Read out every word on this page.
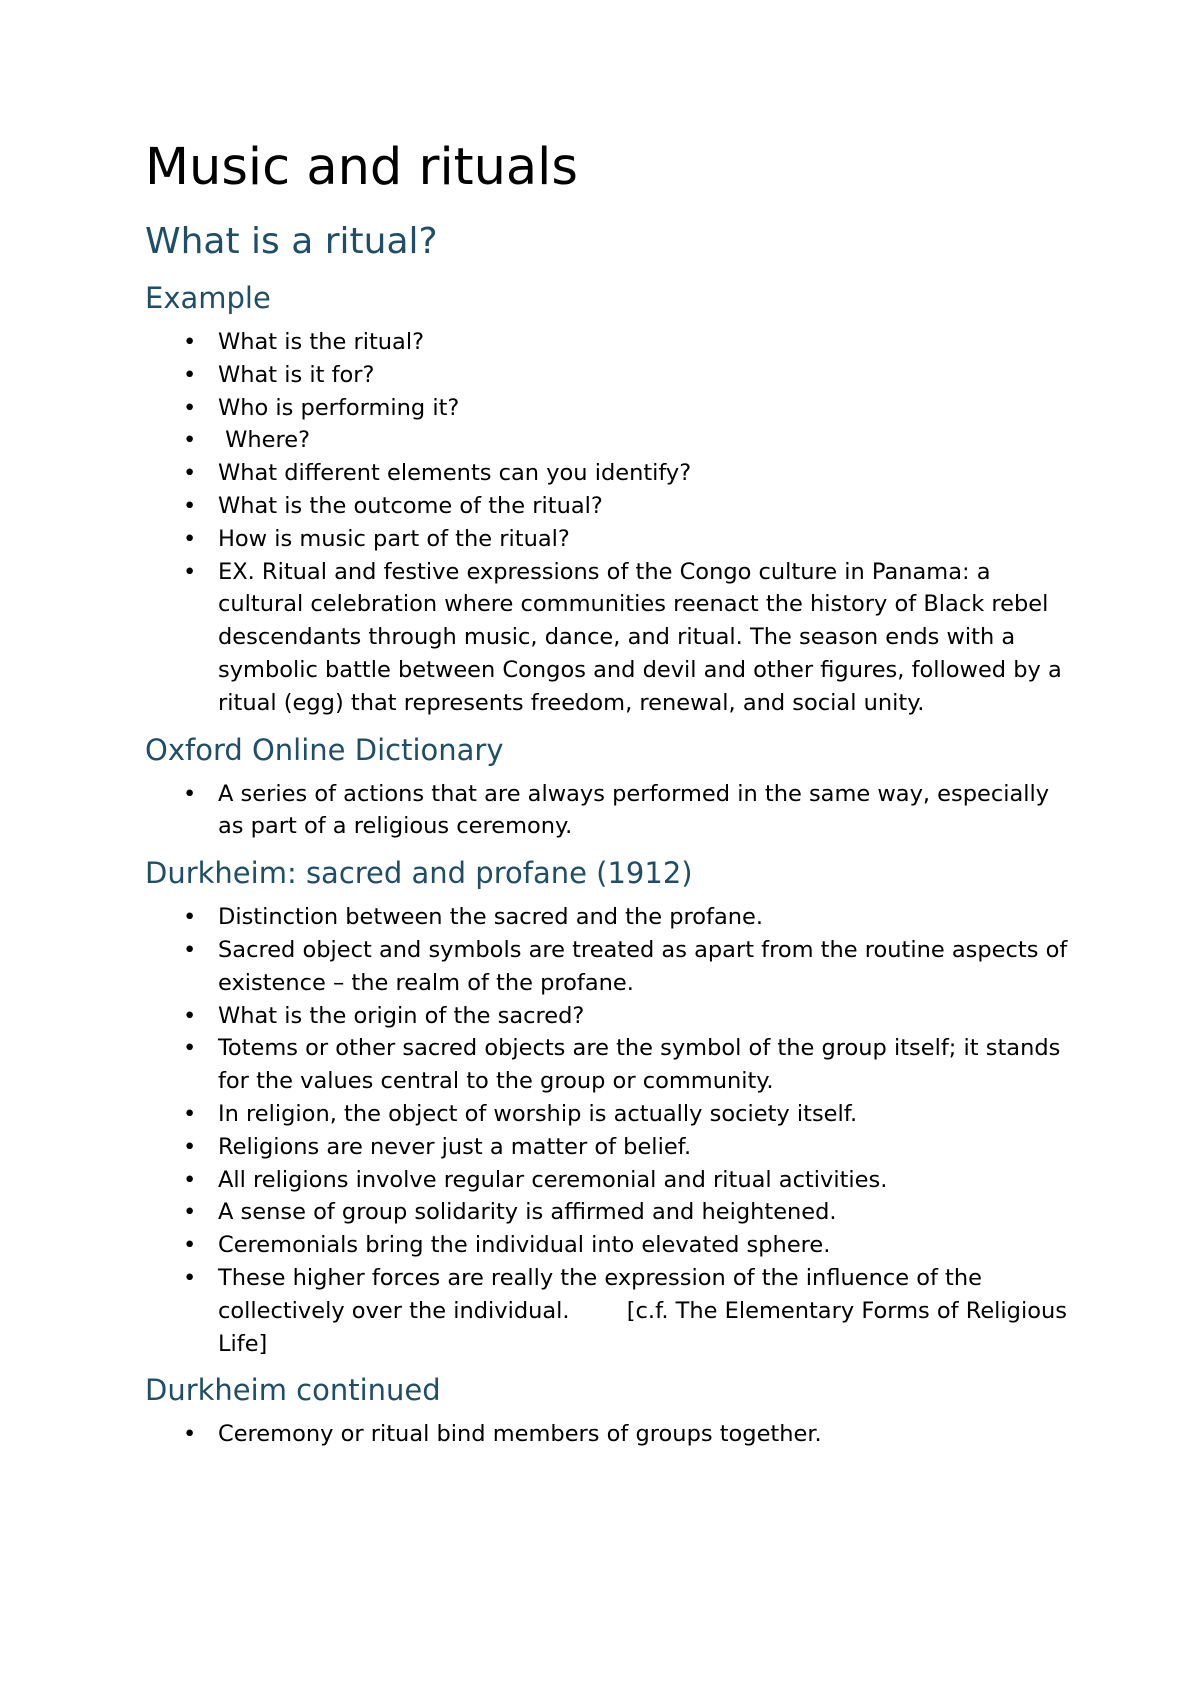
Music and rituals
What is a ritual?
Example
• What is the ritual?
• What is it for?
• Who is performing it?
•  Where?
• What different elements can you identify?
• What is the outcome of the ritual?
• How is music part of the ritual?
• EX. Ritual and festive expressions of the Congo culture in Panama: a cultural celebration where communities reenact the history of Black rebel descendants through music, dance, and ritual. The season ends with a symbolic battle between Congos and devil and other figures, followed by a ritual (egg) that represents freedom, renewal, and social unity.
Oxford Online Dictionary
• A series of actions that are always performed in the same way, especially as part of a religious ceremony.
Durkheim: sacred and profane (1912)
• Distinction between the sacred and the profane.
• Sacred object and symbols are treated as apart from the routine aspects of existence – the realm of the profane.
• What is the origin of the sacred?
• Totems or other sacred objects are the symbol of the group itself; it stands for the values central to the group or community.
• In religion, the object of worship is actually society itself.
• Religions are never just a matter of belief.
• All religions involve regular ceremonial and ritual activities.
• A sense of group solidarity is affirmed and heightened.
• Ceremonials bring the individual into elevated sphere.
• These higher forces are really the expression of the influence of the collectively over the individual.        [c.f. The Elementary Forms of Religious Life]
Durkheim continued
• Ceremony or ritual bind members of groups together.
